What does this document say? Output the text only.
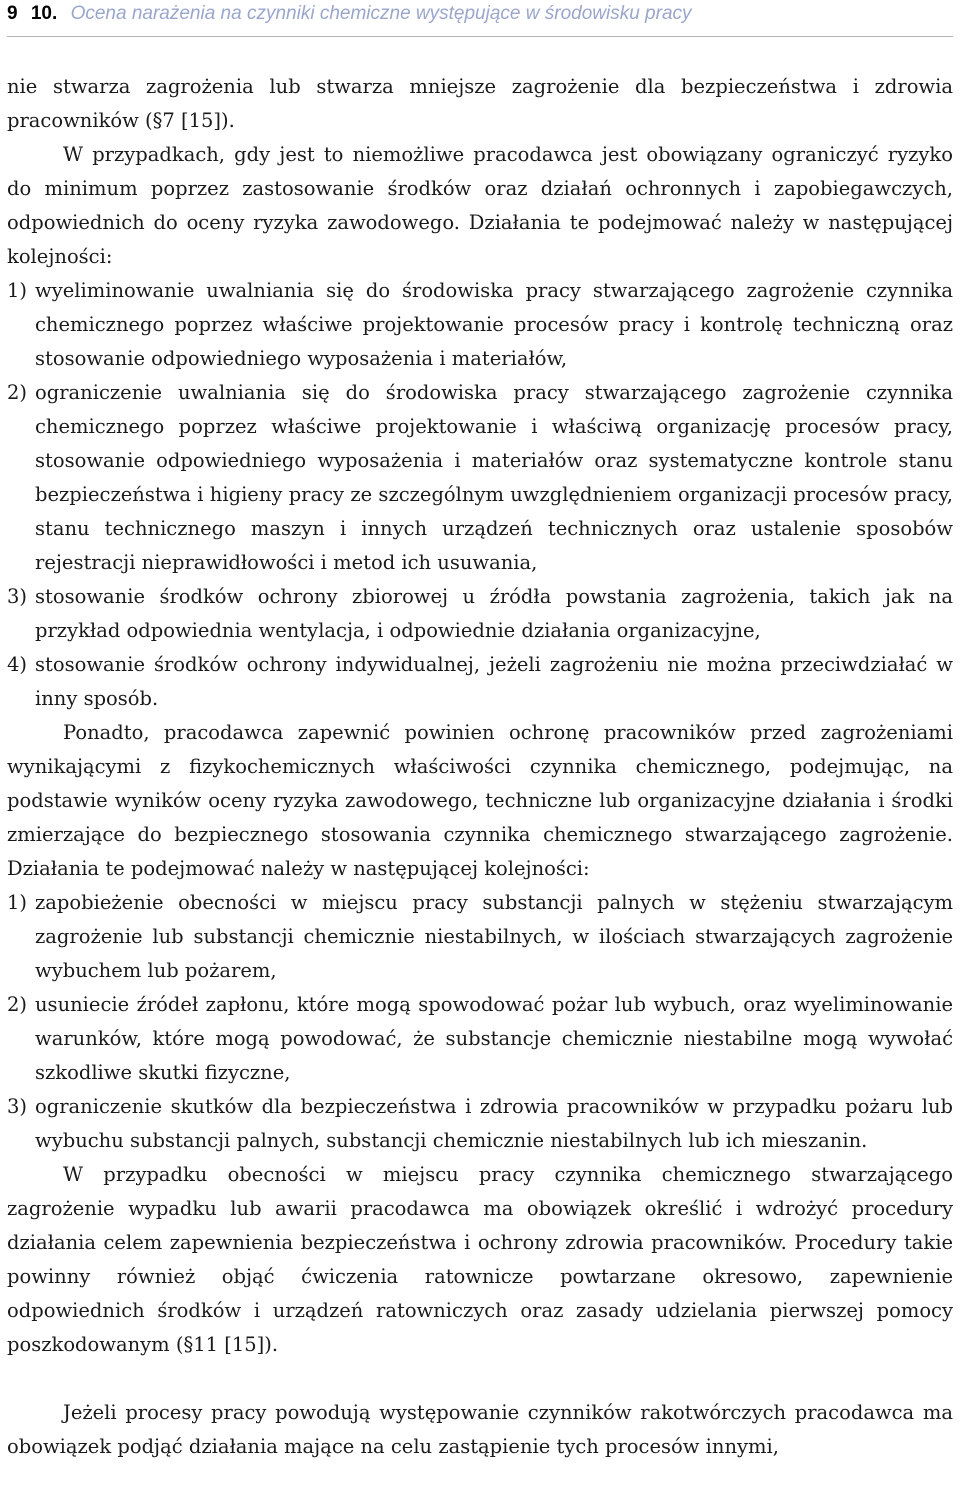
9 10. Ocena narażenia na czynniki chemiczne występujące w środowisku pracy

nie stwarza zagrożenia lub stwarza mniejsze zagrożenie dla bezpieczeństwa i zdrowia pracowników (§7 [15]).

W przypadkach, gdy jest to niemożliwe pracodawca jest obowiązany ograniczyć ryzyko do minimum poprzez zastosowanie środków oraz działań ochronnych i zapobiegawczych, odpowiednich do oceny ryzyka zawodowego. Działania te podejmować należy w następującej kolejności:

1) wyeliminowanie uwalniania się do środowiska pracy stwarzającego zagrożenie czynnika chemicznego poprzez właściwe projektowanie procesów pracy i kontrolę techniczną oraz stosowanie odpowiedniego wyposażenia i materiałów,
2) ograniczenie uwalniania się do środowiska pracy stwarzającego zagrożenie czynnika chemicznego poprzez właściwe projektowanie i właściwą organizację procesów pracy, stosowanie odpowiedniego wyposażenia i materiałów oraz systematyczne kontrole stanu bezpieczeństwa i higieny pracy ze szczególnym uwzględnieniem organizacji procesów pracy, stanu technicznego maszyn i innych urządzeń technicznych oraz ustalenie sposobów rejestracji nieprawidłowości i metod ich usuwania,
3) stosowanie środków ochrony zbiorowej u źródła powstania zagrożenia, takich jak na przykład odpowiednia wentylacja, i odpowiednie działania organizacyjne,
4) stosowanie środków ochrony indywidualnej, jeżeli zagrożeniu nie można przeciwdziałać w inny sposób.

Ponadto, pracodawca zapewnić powinien ochronę pracowników przed zagrożeniami wynikającymi z fizykochemicznych właściwości czynnika chemicznego, podejmując, na podstawie wyników oceny ryzyka zawodowego, techniczne lub organizacyjne działania i środki zmierzające do bezpiecznego stosowania czynnika chemicznego stwarzającego zagrożenie. Działania te podejmować należy w następującej kolejności:

1) zapobieżenie obecności w miejscu pracy substancji palnych w stężeniu stwarzającym zagrożenie lub substancji chemicznie niestabilnych, w ilościach stwarzających zagrożenie wybuchem lub pożarem,
2) usuniecie źródeł zapłonu, które mogą spowodować pożar lub wybuch, oraz wyeliminowanie warunków, które mogą powodować, że substancje chemicznie niestabilne mogą wywołać szkodliwe skutki fizyczne,
3) ograniczenie skutków dla bezpieczeństwa i zdrowia pracowników w przypadku pożaru lub wybuchu substancji palnych, substancji chemicznie niestabilnych lub ich mieszanin.

W przypadku obecności w miejscu pracy czynnika chemicznego stwarzającego zagrożenie wypadku lub awarii pracodawca ma obowiązek określić i wdrożyć procedury działania celem zapewnienia bezpieczeństwa i ochrony zdrowia pracowników. Procedury takie powinny również objąć ćwiczenia ratownicze powtarzane okresowo, zapewnienie odpowiednich środków i urządzeń ratowniczych oraz zasady udzielania pierwszej pomocy poszkodowanym (§11 [15]).

Jeżeli procesy pracy powodują występowanie czynników rakotwórczych pracodawca ma obowiązek podjąć działania mające na celu zastąpienie tych procesów innymi,
